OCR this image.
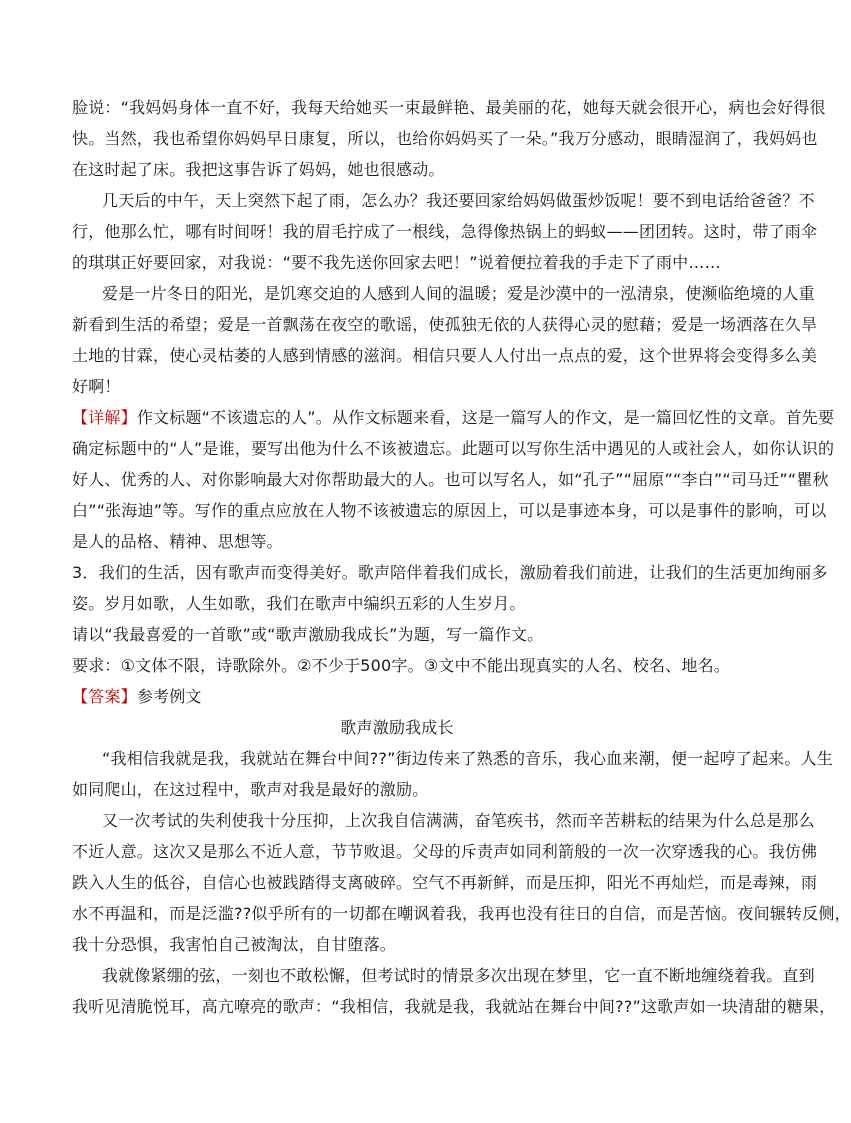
脸说：“我妈妈身体一直不好，我每天给她买一束最鲜艳、最美丽的花，她每天就会很开心，病也会好得很
快。当然，我也希望你妈妈早日康复，所以，也给你妈妈买了一朵。”我万分感动，眼睛湿润了，我妈妈也
在这时起了床。我把这事告诉了妈妈，她也很感动。
几天后的中午，天上突然下起了雨，怎么办？我还要回家给妈妈做蛋炒饭呢！要不到电话给爸爸？不
行，他那么忙，哪有时间呀！我的眉毛拧成了一根线，急得像热锅上的蚂蚁——团团转。这时，带了雨伞
的琪琪正好要回家，对我说：“要不我先送你回家去吧！”说着便拉着我的手走下了雨中……
爱是一片冬日的阳光，是饥寒交迫的人感到人间的温暖；爱是沙漠中的一泓清泉，使濒临绝境的人重
新看到生活的希望；爱是一首飘荡在夜空的歌谣，使孤独无依的人获得心灵的慰藉；爱是一场洒落在久旱
土地的甘霖，使心灵枯萎的人感到情感的滋润。相信只要人人付出一点点的爱，这个世界将会变得多么美
好啊！
【详解】作文标题“不该遗忘的人”。从作文标题来看，这是一篇写人的作文，是一篇回忆性的文章。首先要
确定标题中的“人”是谁，要写出他为什么不该被遗忘。此题可以写你生活中遇见的人或社会人，如你认识的
好人、优秀的人、对你影响最大对你帮助最大的人。也可以写名人，如“孔子”“屈原”“李白”“司马迁”“瞿秋
白”“张海迪”等。写作的重点应放在人物不该被遗忘的原因上，可以是事迹本身，可以是事件的影响，可以
是人的品格、精神、思想等。
3．我们的生活，因有歌声而变得美好。歌声陪伴着我们成长，激励着我们前进，让我们的生活更加绚丽多
姿。岁月如歌，人生如歌，我们在歌声中编织五彩的人生岁月。
请以“我最喜爱的一首歌”或“歌声激励我成长”为题，写一篇作文。
要求：①文体不限，诗歌除外。②不少于500字。③文中不能出现真实的人名、校名、地名。
【答案】参考例文
歌声激励我成长
“我相信我就是我，我就站在舞台中间??”街边传来了熟悉的音乐，我心血来潮，便一起哼了起来。人生
如同爬山，在这过程中，歌声对我是最好的激励。
又一次考试的失利使我十分压抑，上次我自信满满，奋笔疾书，然而辛苦耕耘的结果为什么总是那么
不近人意。这次又是那么不近人意，节节败退。父母的斥责声如同利箭般的一次一次穿透我的心。我仿佛
跌入人生的低谷，自信心也被践踏得支离破碎。空气不再新鲜，而是压抑，阳光不再灿烂，而是毒辣，雨
水不再温和，而是泛滥??似乎所有的一切都在嘲讽着我，我再也没有往日的自信，而是苦恼。夜间辗转反侧，
我十分恐惧，我害怕自己被淘汰，自甘堕落。
我就像紧绷的弦，一刻也不敢松懈，但考试时的情景多次出现在梦里，它一直不断地缠绕着我。直到
我听见清脆悦耳，高亢嘹亮的歌声：“我相信，我就是我，我就站在舞台中间??”这歌声如一块清甜的糖果，
